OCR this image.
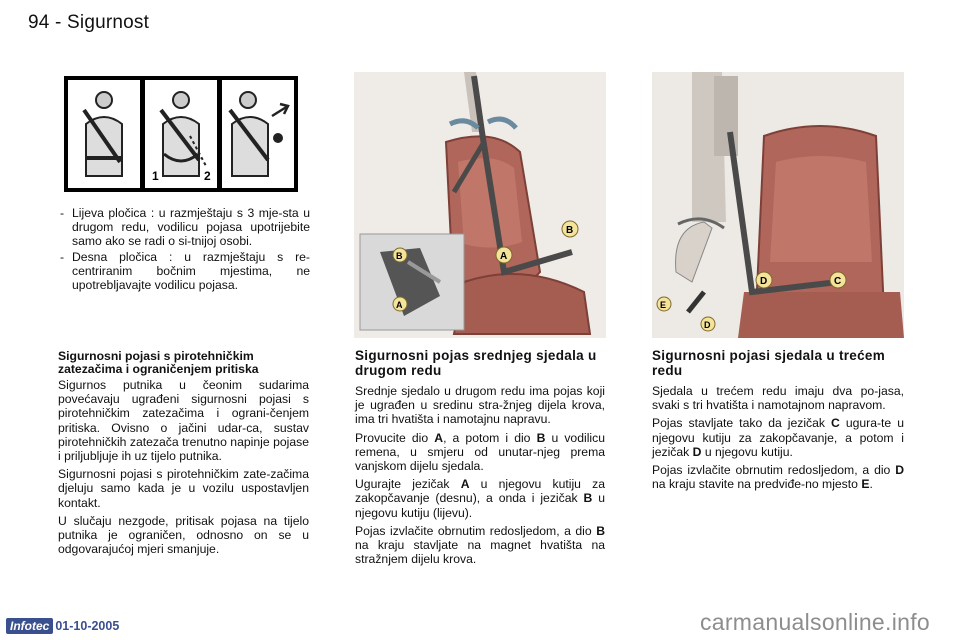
94 - Sigurnost
1	2
- Lijeva pločica : u razmještaju s 3 mje-sta u drugom redu, vodilicu pojasa upotrijebite samo ako se radi o si-tnijoj osobi.
- Desna pločica : u razmještaju s re-centriranim bočnim mjestima, ne upotrebljavajte vodilicu pojasa.
B
A
B
A
C
D
E
D
Sigurnosni pojasi s pirotehničkim zatezačima i ograničenjem pritiska

Sigurnos putnika u čeonim sudarima povećavaju ugrađeni sigurnosni pojasi s pirotehničkim zatezačima i ograni-čenjem pritiska. Ovisno o jačini udar-ca, sustav pirotehničkih zatezača trenutno napinje pojase i priljubljuje ih uz tijelo putnika.

Sigurnosni pojasi s pirotehničkim zate-začima djeluju samo kada je u vozilu uspostavljen kontakt.

U slučaju nezgode, pritisak pojasa na tijelo putnika je ograničen, odnosno on se u odgovarajućoj mjeri smanjuje.

Sigurnosni pojas srednjeg sjedala u drugom redu

Srednje sjedalo u drugom redu ima pojas koji je ugrađen u sredinu stra-žnjeg dijela krova, ima tri hvatišta i namotajnu napravu.

Provucite dio A, a potom i dio B u vodilicu remena, u smjeru od unutar-njeg prema vanjskom dijelu sjedala.

Ugurajte jezičak A u njegovu kutiju za zakopčavanje (desnu), a onda i jezičak B u njegovu kutiju (lijevu).

Pojas izvlačite obrnutim redosljedom, a dio B na kraju stavljate na magnet hvatišta na stražnjem dijelu krova.

Sigurnosni pojasi sjedala u trećem redu

Sjedala u trećem redu imaju dva po-jasa, svaki s tri hvatišta i namotajnom napravom.

Pojas stavljate tako da jezičak C ugura-te u njegovu kutiju za zakopčavanje, a potom i jezičak D u njegovu kutiju.

Pojas izvlačite obrnutim redosljedom, a dio D na kraju stavite na predviđe-no mjesto E.

Infotec 01-10-2005	carmanualsonline.info
